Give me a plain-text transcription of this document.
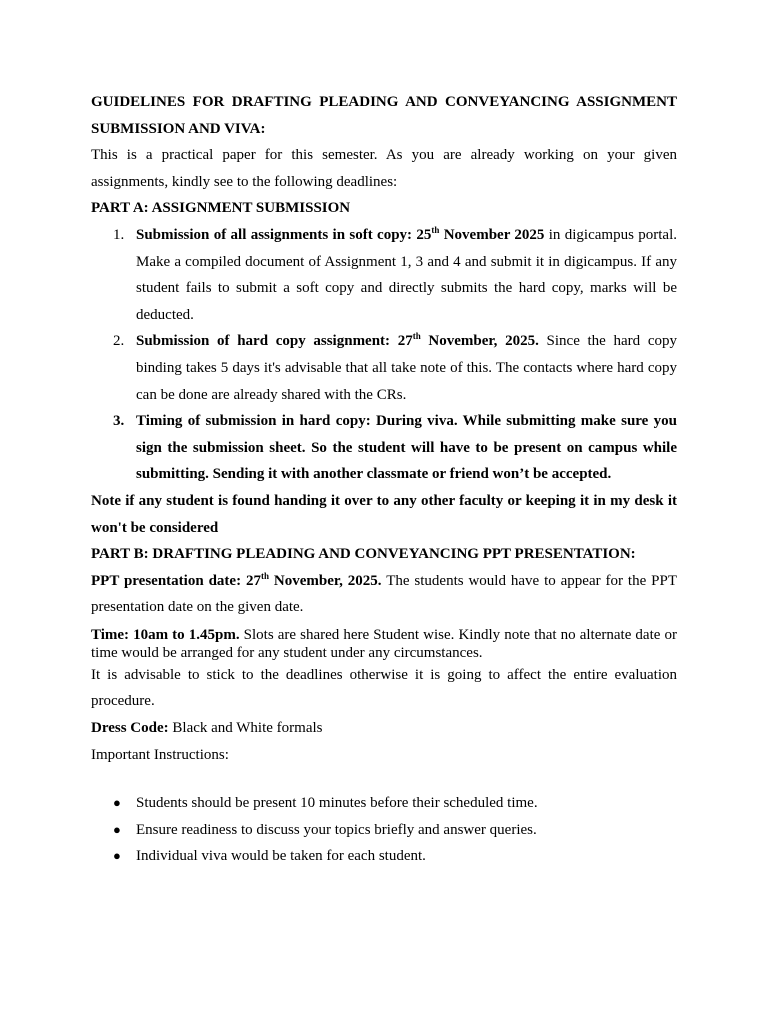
GUIDELINES FOR DRAFTING PLEADING AND CONVEYANCING ASSIGNMENT SUBMISSION AND VIVA:

This is a practical paper for this semester. As you are already working on your given assignments, kindly see to the following deadlines:

PART A: ASSIGNMENT SUBMISSION

1. Submission of all assignments in soft copy: 25th November 2025 in digicampus portal. Make a compiled document of Assignment 1, 3 and 4 and submit it in digicampus. If any student fails to submit a soft copy and directly submits the hard copy, marks will be deducted.
2. Submission of hard copy assignment: 27th November, 2025. Since the hard copy binding takes 5 days it's advisable that all take note of this. The contacts where hard copy can be done are already shared with the CRs.
3. Timing of submission in hard copy: During viva. While submitting make sure you sign the submission sheet. So the student will have to be present on campus while submitting. Sending it with another classmate or friend won’t be accepted.

Note if any student is found handing it over to any other faculty or keeping it in my desk it won't be considered

PART B: DRAFTING PLEADING AND CONVEYANCING PPT PRESENTATION:

PPT presentation date: 27th November, 2025. The students would have to appear for the PPT presentation date on the given date.

Time: 10am to 1.45pm. Slots are shared here Student wise. Kindly note that no alternate date or time would be arranged for any student under any circumstances.

It is advisable to stick to the deadlines otherwise it is going to affect the entire evaluation procedure.

Dress Code: Black and White formals

Important Instructions:

● Students should be present 10 minutes before their scheduled time.
● Ensure readiness to discuss your topics briefly and answer queries.
● Individual viva would be taken for each student.
